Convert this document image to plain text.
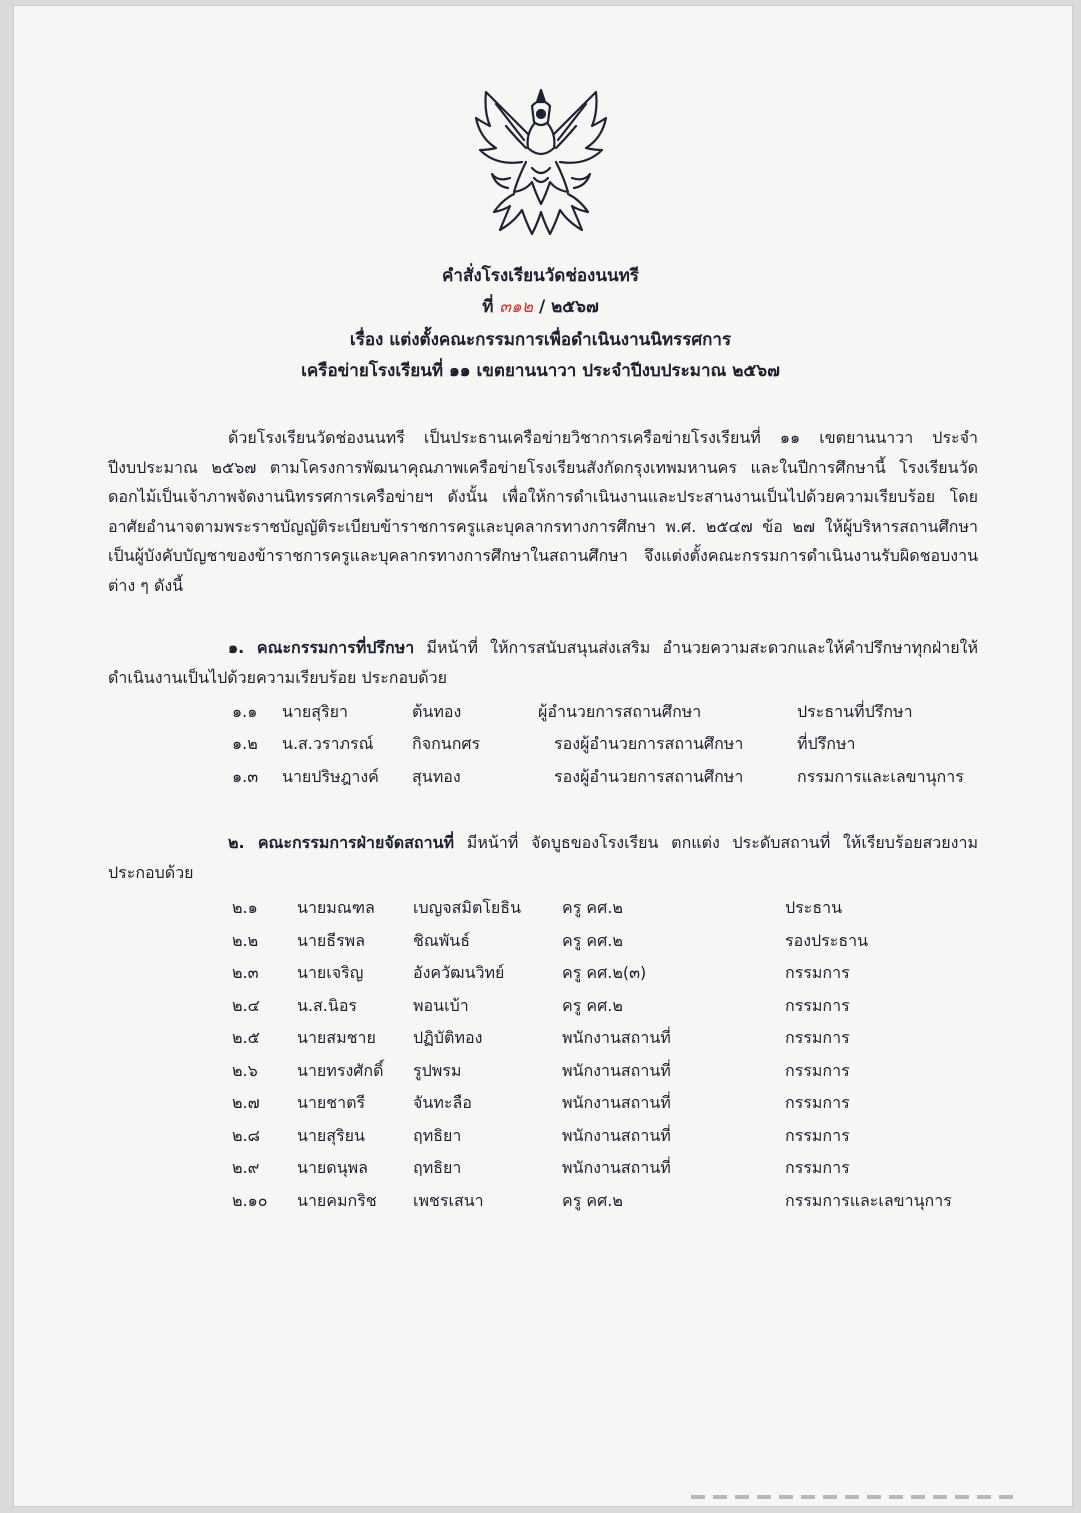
คำสั่งโรงเรียนวัดช่องนนทรี
ที่ ๓๑๒ / ๒๕๖๗
เรื่อง แต่งตั้งคณะกรรมการเพื่อดำเนินงานนิทรรศการ
เครือข่ายโรงเรียนที่ ๑๑ เขตยานนาวา ประจำปีงบประมาณ ๒๕๖๗
ด้วยโรงเรียนวัดช่องนนทรี เป็นประธานเครือข่ายวิชาการเครือข่ายโรงเรียนที่ ๑๑ เขตยานนาวา ประจำปีงบประมาณ ๒๕๖๗ ตามโครงการพัฒนาคุณภาพเครือข่ายโรงเรียนสังกัดกรุงเทพมหานคร และในปีการศึกษานี้ โรงเรียนวัดดอกไม้เป็นเจ้าภาพจัดงานนิทรรศการเครือข่ายฯ ดังนั้น เพื่อให้การดำเนินงานและประสานงานเป็นไปด้วยความเรียบร้อย โดยอาศัยอำนาจตามพระราชบัญญัติระเบียบข้าราชการครูและบุคลากรทางการศึกษา พ.ศ. ๒๕๔๗ ข้อ ๒๗ ให้ผู้บริหารสถานศึกษาเป็นผู้บังคับบัญชาของข้าราชการครูและบุคลากรทางการศึกษาในสถานศึกษา จึงแต่งตั้งคณะกรรมการดำเนินงานรับผิดชอบงานต่าง ๆ ดังนี้
๑. คณะกรรมการที่ปรึกษา มีหน้าที่ ให้การสนับสนุนส่งเสริม อำนวยความสะดวกและให้คำปรึกษาทุกฝ่ายให้ดำเนินงานเป็นไปด้วยความเรียบร้อย ประกอบด้วย
๑.๑ นายสุริยา	ต้นทอง	ผู้อำนวยการสถานศึกษา	ประธานที่ปรึกษา
๑.๒ น.ส.วราภรณ์ กิจกนกศร	รองผู้อำนวยการสถานศึกษา	ที่ปรึกษา
๑.๓ นายปริษฎางค์ สุนทอง	รองผู้อำนวยการสถานศึกษา	กรรมการและเลขานุการ
๒. คณะกรรมการฝ่ายจัดสถานที่ มีหน้าที่ จัดบูธของโรงเรียน ตกแต่ง ประดับสถานที่ ให้เรียบร้อยสวยงาม ประกอบด้วย
๒.๑ นายมณฑล เบญจสมิตโยธิน	ครู คศ.๒	ประธาน
๒.๒ นายธีรพล	ชิณพันธ์	ครู คศ.๒	รองประธาน
๒.๓ นายเจริญ	อังควัฒนวิทย์	ครู คศ.๒(๓)	กรรมการ
๒.๔ น.ส.นิอร	พอนเบ้า	ครู คศ.๒	กรรมการ
๒.๕ นายสมชาย ปฏิบัติทอง	พนักงานสถานที่	กรรมการ
๒.๖ นายทรงศักดิ์ รูปพรม	พนักงานสถานที่	กรรมการ
๒.๗ นายชาตรี	จันทะลือ	พนักงานสถานที่	กรรมการ
๒.๘ นายสุริยน	ฤทธิยา	พนักงานสถานที่	กรรมการ
๒.๙ นายดนุพล	ฤทธิยา	พนักงานสถานที่	กรรมการ
๒.๑๐ นายคมกริช เพชรเสนา	ครู คศ.๒	กรรมการและเลขานุการ
